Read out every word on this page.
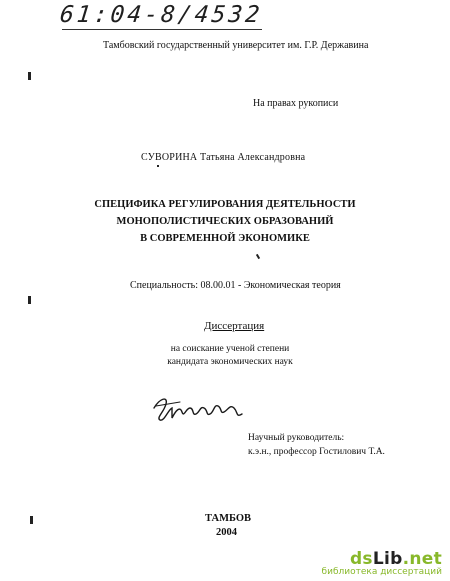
61:04-8/4532
Тамбовский государственный университет им. Г.Р. Державина
На правах рукописи
СУВОРИНА Татьяна Александровна
СПЕЦИФИКА РЕГУЛИРОВАНИЯ ДЕЯТЕЛЬНОСТИ
МОНОПОЛИСТИЧЕСКИХ ОБРАЗОВАНИЙ
В СОВРЕМЕННОЙ ЭКОНОМИКЕ
Специальность: 08.00.01 - Экономическая теория
Диссертация
на соискание ученой степени
кандидата экономических наук
Научный руководитель:
к.э.н., профессор Гостилович Т.А.
ТАМБОВ
2004
dsLib.net
библиотека диссертаций
